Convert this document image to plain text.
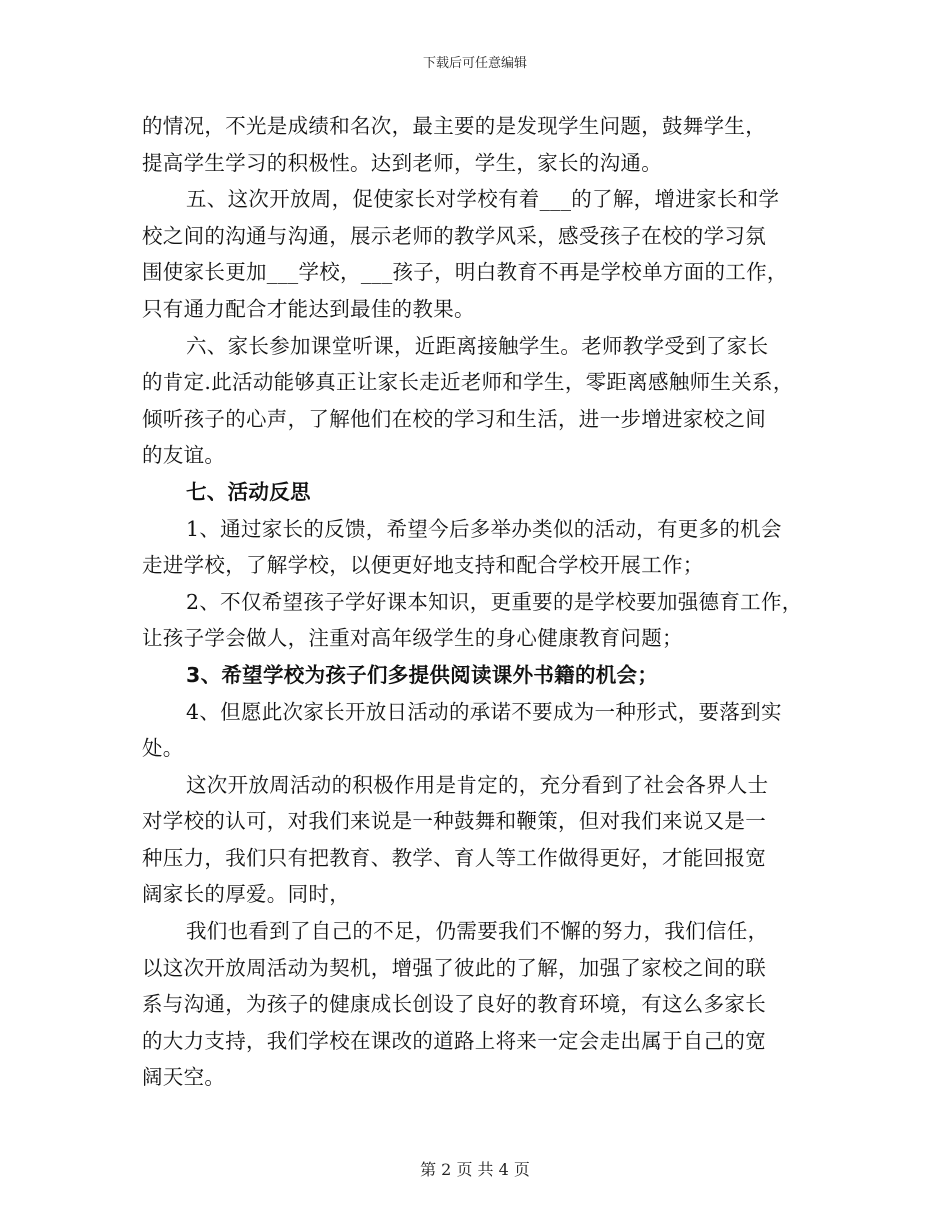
下载后可任意编辑
的情况，不光是成绩和名次，最主要的是发现学生问题，鼓舞学生，
提高学生学习的积极性。达到老师，学生，家长的沟通。
五、这次开放周，促使家长对学校有着___的了解，增进家长和学
校之间的沟通与沟通，展示老师的教学风采，感受孩子在校的学习氛
围使家长更加___学校，___孩子，明白教育不再是学校单方面的工作，
只有通力配合才能达到最佳的教果。
六、家长参加课堂听课，近距离接触学生。老师教学受到了家长
的肯定.此活动能够真正让家长走近老师和学生，零距离感触师生关系，
倾听孩子的心声，了解他们在校的学习和生活，进一步增进家校之间
的友谊。
七、活动反思
1、通过家长的反馈，希望今后多举办类似的活动，有更多的机会
走进学校，了解学校，以便更好地支持和配合学校开展工作；
2、不仅希望孩子学好课本知识，更重要的是学校要加强德育工作，
让孩子学会做人，注重对高年级学生的身心健康教育问题；
3、希望学校为孩子们多提供阅读课外书籍的机会；
4、但愿此次家长开放日活动的承诺不要成为一种形式，要落到实
处。
这次开放周活动的积极作用是肯定的，充分看到了社会各界人士
对学校的认可，对我们来说是一种鼓舞和鞭策，但对我们来说又是一
种压力，我们只有把教育、教学、育人等工作做得更好，才能回报宽
阔家长的厚爱。同时，
我们也看到了自己的不足，仍需要我们不懈的努力，我们信任，
以这次开放周活动为契机，增强了彼此的了解，加强了家校之间的联
系与沟通，为孩子的健康成长创设了良好的教育环境，有这么多家长
的大力支持，我们学校在课改的道路上将来一定会走出属于自己的宽
阔天空。
第 2 页 共 4 页
